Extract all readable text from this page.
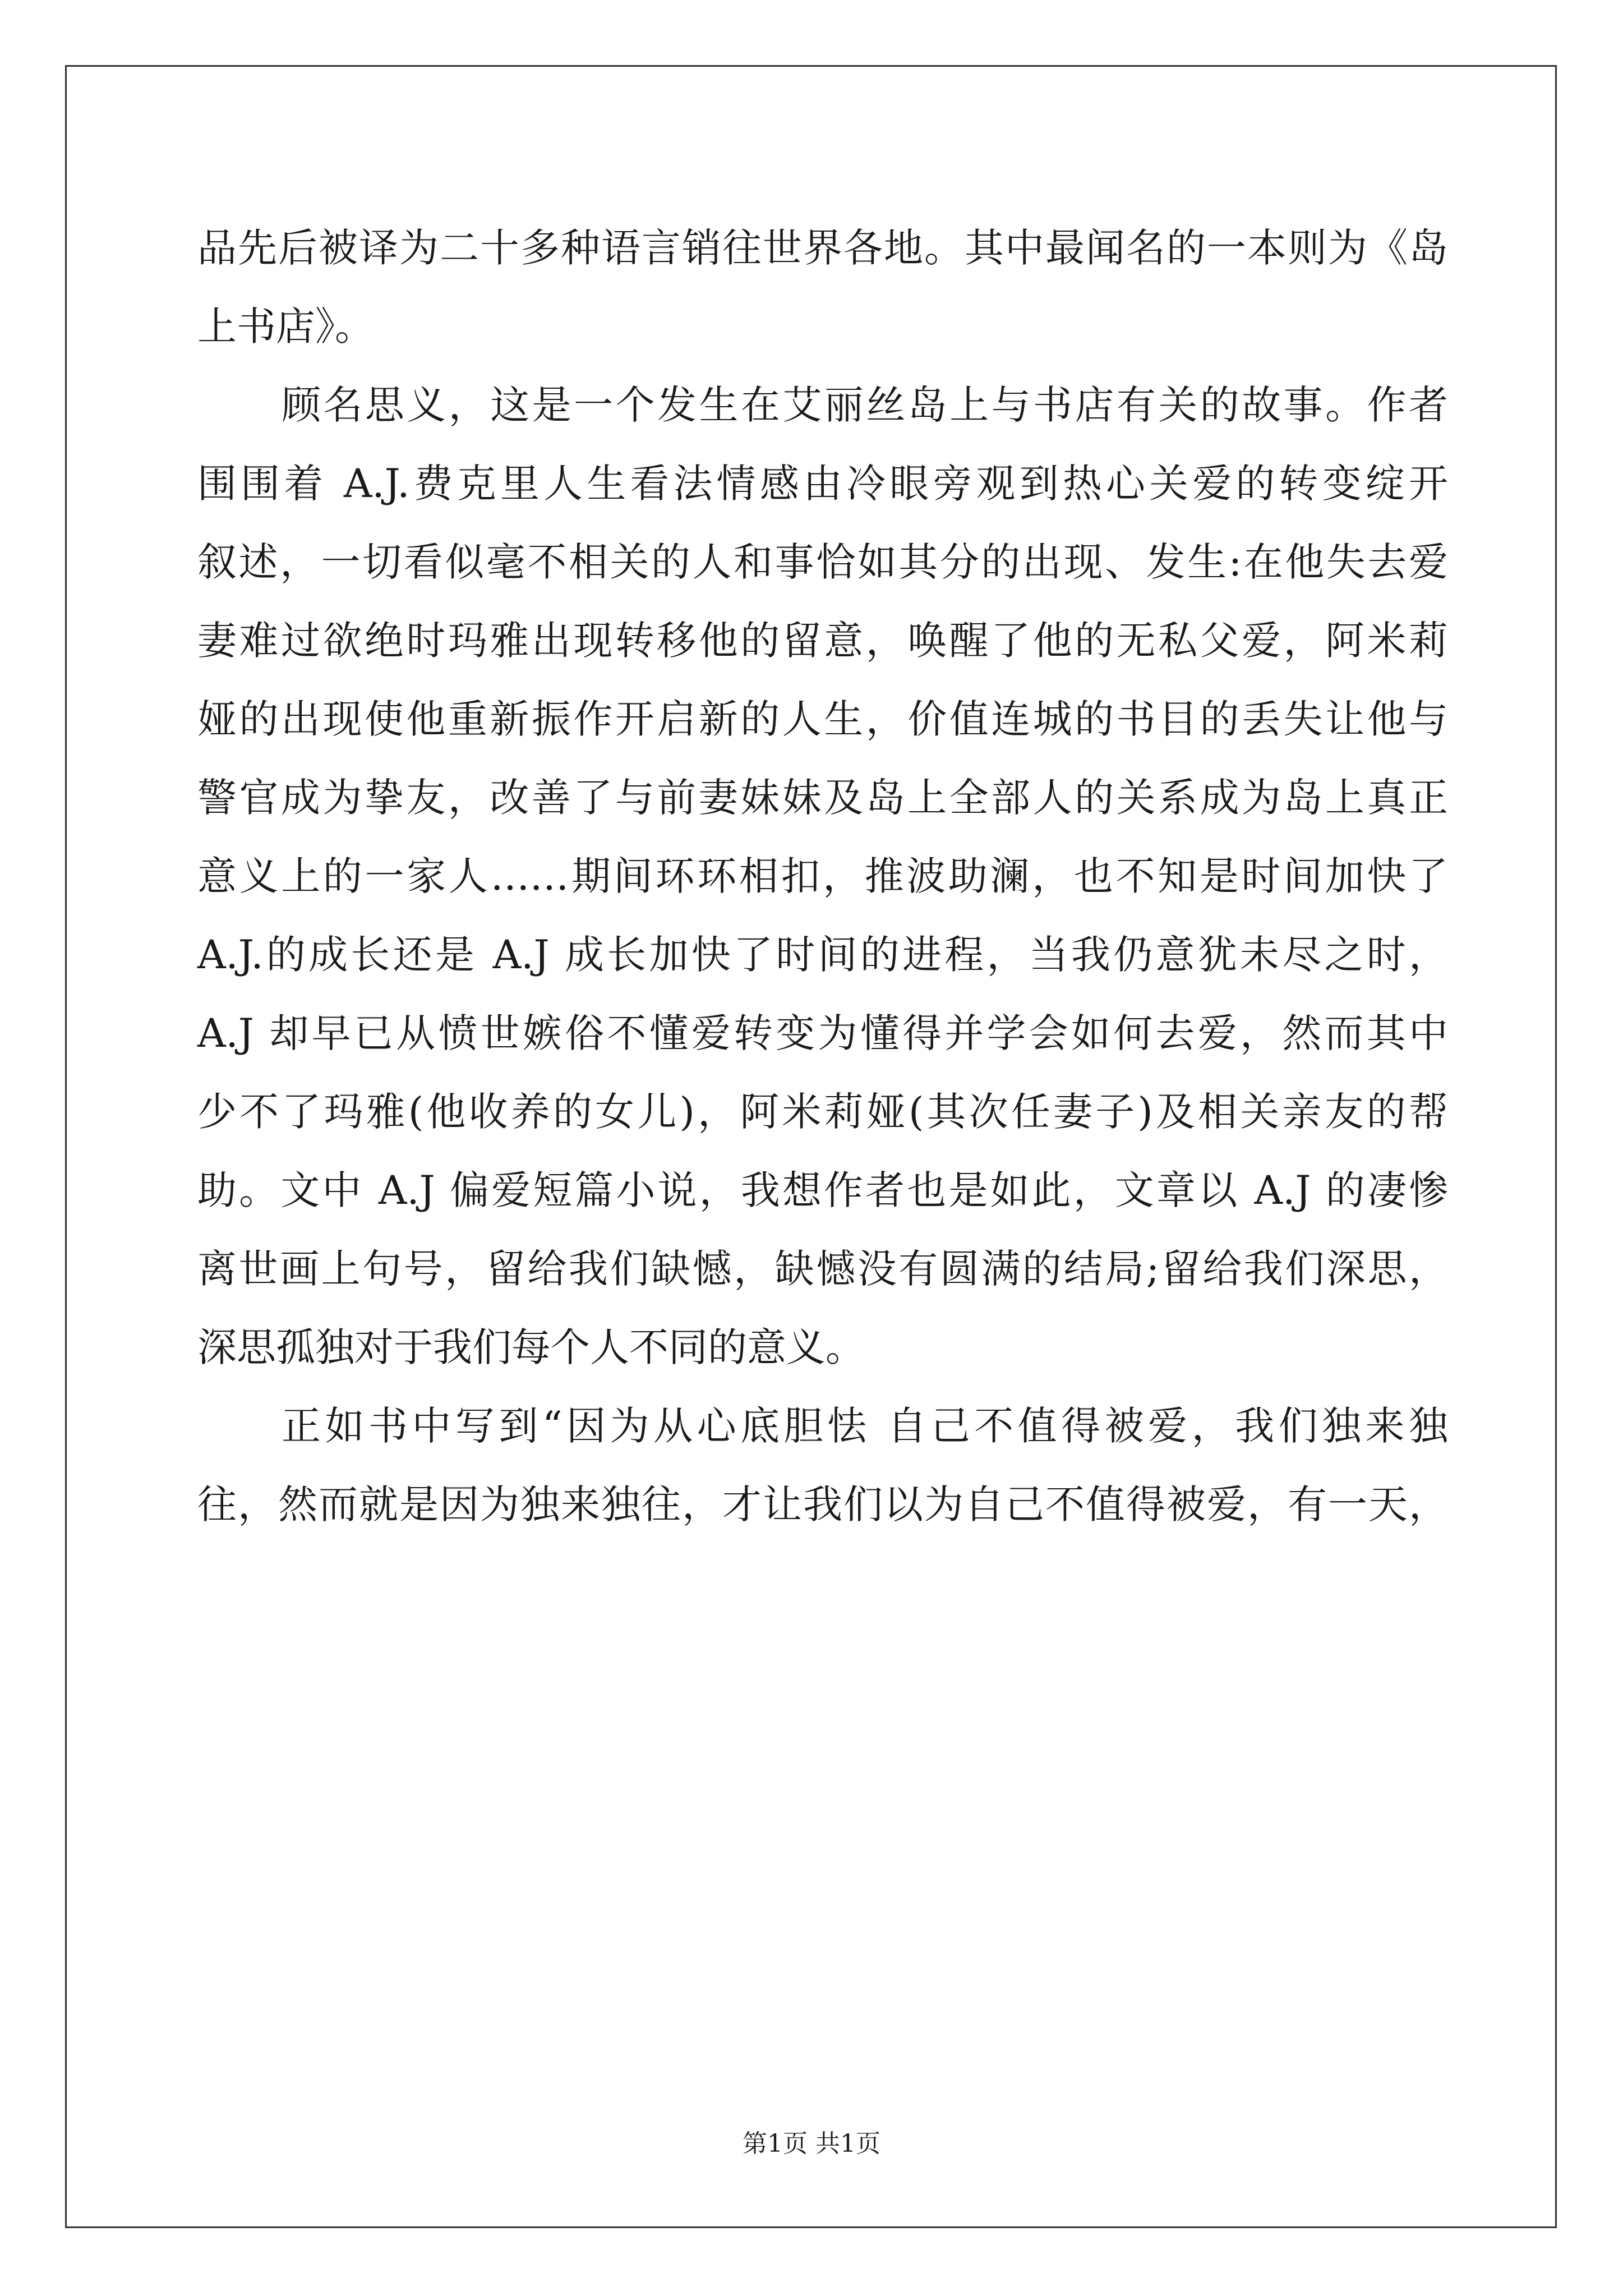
品先后被译为二十多种语言销往世界各地。其中最闻名的一本则为《岛
上书店》。
顾名思义，这是一个发生在艾丽丝岛上与书店有关的故事。作者
围围着 A.J.费克里人生看法情感由冷眼旁观到热心关爱的转变绽开
叙述，一切看似毫不相关的人和事恰如其分的出现、发生:在他失去爱
妻难过欲绝时玛雅出现转移他的留意，唤醒了他的无私父爱，阿米莉
娅的出现使他重新振作开启新的人生，价值连城的书目的丢失让他与
警官成为挚友，改善了与前妻妹妹及岛上全部人的关系成为岛上真正
意义上的一家人……期间环环相扣，推波助澜，也不知是时间加快了
A.J.的成长还是 A.J 成长加快了时间的进程，当我仍意犹未尽之时，
A.J 却早已从愤世嫉俗不懂爱转变为懂得并学会如何去爱，然而其中
少不了玛雅(他收养的女儿)，阿米莉娅(其次任妻子)及相关亲友的帮
助。文中 A.J 偏爱短篇小说，我想作者也是如此，文章以 A.J 的凄惨
离世画上句号，留给我们缺憾，缺憾没有圆满的结局;留给我们深思，
深思孤独对于我们每个人不同的意义。
正如书中写到“因为从心底胆怯 自己不值得被爱，我们独来独
往，然而就是因为独来独往，才让我们以为自己不值得被爱，有一天，
第1页 共1页
